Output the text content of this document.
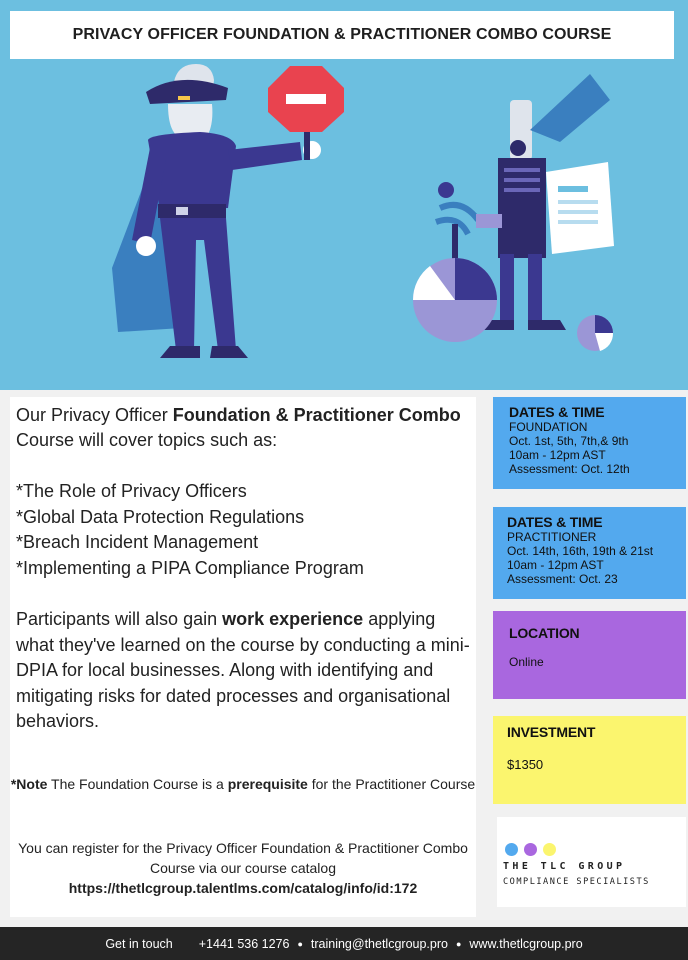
PRIVACY OFFICER FOUNDATION & PRACTITIONER COMBO COURSE

Our Privacy Officer Foundation & Practitioner Combo Course will cover topics such as:

*The Role of Privacy Officers
*Global Data Protection Regulations
*Breach Incident Management
*Implementing a PIPA Compliance Program

Participants will also gain work experience applying what they've learned on the course by conducting a mini-DPIA for local businesses. Along with identifying and mitigating risks for dated processes and organisational behaviors.

*Note The Foundation Course is a prerequisite for the Practitioner Course

You can register for the Privacy Officer Foundation & Practitioner Combo Course via our course catalog
https://thetlcgroup.talentlms.com/catalog/info/id:172

DATES & TIME
FOUNDATION
Oct. 1st, 5th, 7th,& 9th
10am - 12pm AST
Assessment: Oct. 12th
DATES & TIME
PRACTITIONER
Oct. 14th, 16th, 19th & 21st
10am - 12pm AST
Assessment: Oct. 23
LOCATION
Online
INVESTMENT
$1350
THE TLC GROUP
COMPLIANCE SPECIALISTS
Get in touch +1441 536 1276 ● training@thetlcgroup.pro ● www.thetlcgroup.pro
